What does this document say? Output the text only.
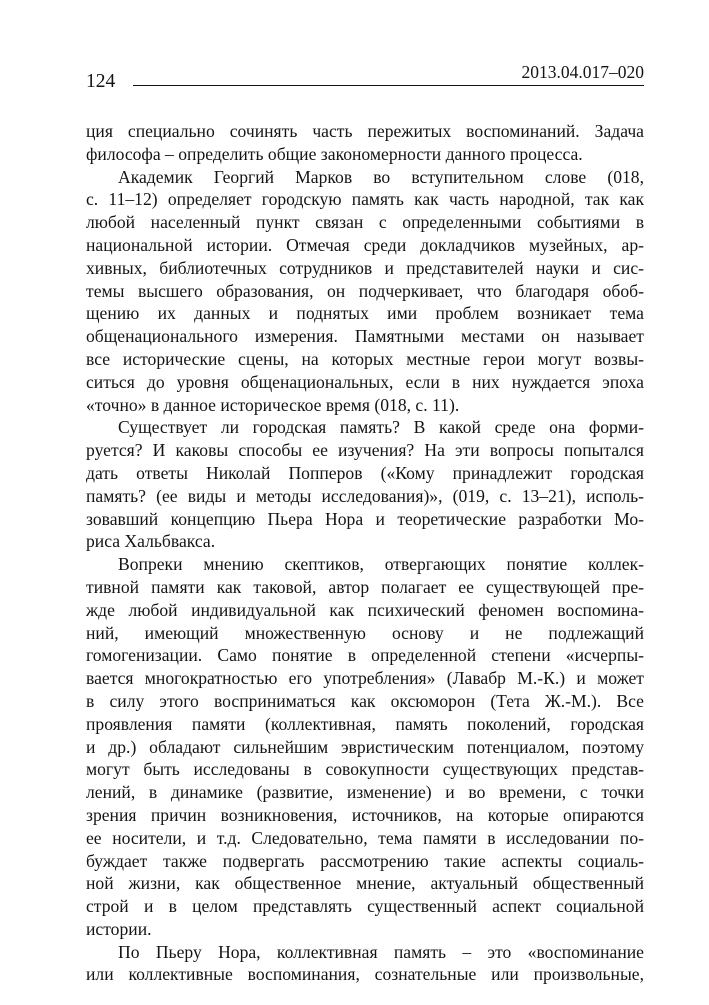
124	2013.04.017–020
ция специально сочинять часть пережитых воспоминаний. Задача
философа – определить общие закономерности данного процесса.
Академик Георгий Марков во вступительном слове (018,
с. 11–12) определяет городскую память как часть народной, так как
любой населенный пункт связан с определенными событиями в
национальной истории. Отмечая среди докладчиков музейных, ар-
хивных, библиотечных сотрудников и представителей науки и сис-
темы высшего образования, он подчеркивает, что благодаря обоб-
щению их данных и поднятых ими проблем возникает тема
общенационального измерения. Памятными местами он называет
все исторические сцены, на которых местные герои могут возвы-
ситься до уровня общенациональных, если в них нуждается эпоха
«точно» в данное историческое время (018, с. 11).
Существует ли городская память? В какой среде она форми-
руется? И каковы способы ее изучения? На эти вопросы попытался
дать ответы Николай Попперов («Кому принадлежит городская
память? (ее виды и методы исследования)», (019, с. 13–21), исполь-
зовавший концепцию Пьера Нора и теоретические разработки Мо-
риса Хальбвакса.
Вопреки мнению скептиков, отвергающих понятие коллек-
тивной памяти как таковой, автор полагает ее существующей пре-
жде любой индивидуальной как психический феномен воспомина-
ний, имеющий множественную основу и не подлежащий
гомогенизации. Само понятие в определенной степени «исчерпы-
вается многократностью его употребления» (Лавабр М.-К.) и может
в силу этого восприниматься как оксюморон (Тета Ж.-М.). Все
проявления памяти (коллективная, память поколений, городская
и др.) обладают сильнейшим эвристическим потенциалом, поэтому
могут быть исследованы в совокупности существующих представ-
лений, в динамике (развитие, изменение) и во времени, с точки
зрения причин возникновения, источников, на которые опираются
ее носители, и т.д. Следовательно, тема памяти в исследовании по-
буждает также подвергать рассмотрению такие аспекты социаль-
ной жизни, как общественное мнение, актуальный общественный
строй и в целом представлять существенный аспект социальной
истории.
По Пьеру Нора, коллективная память – это «воспоминание
или коллективные воспоминания, сознательные или произвольные,
